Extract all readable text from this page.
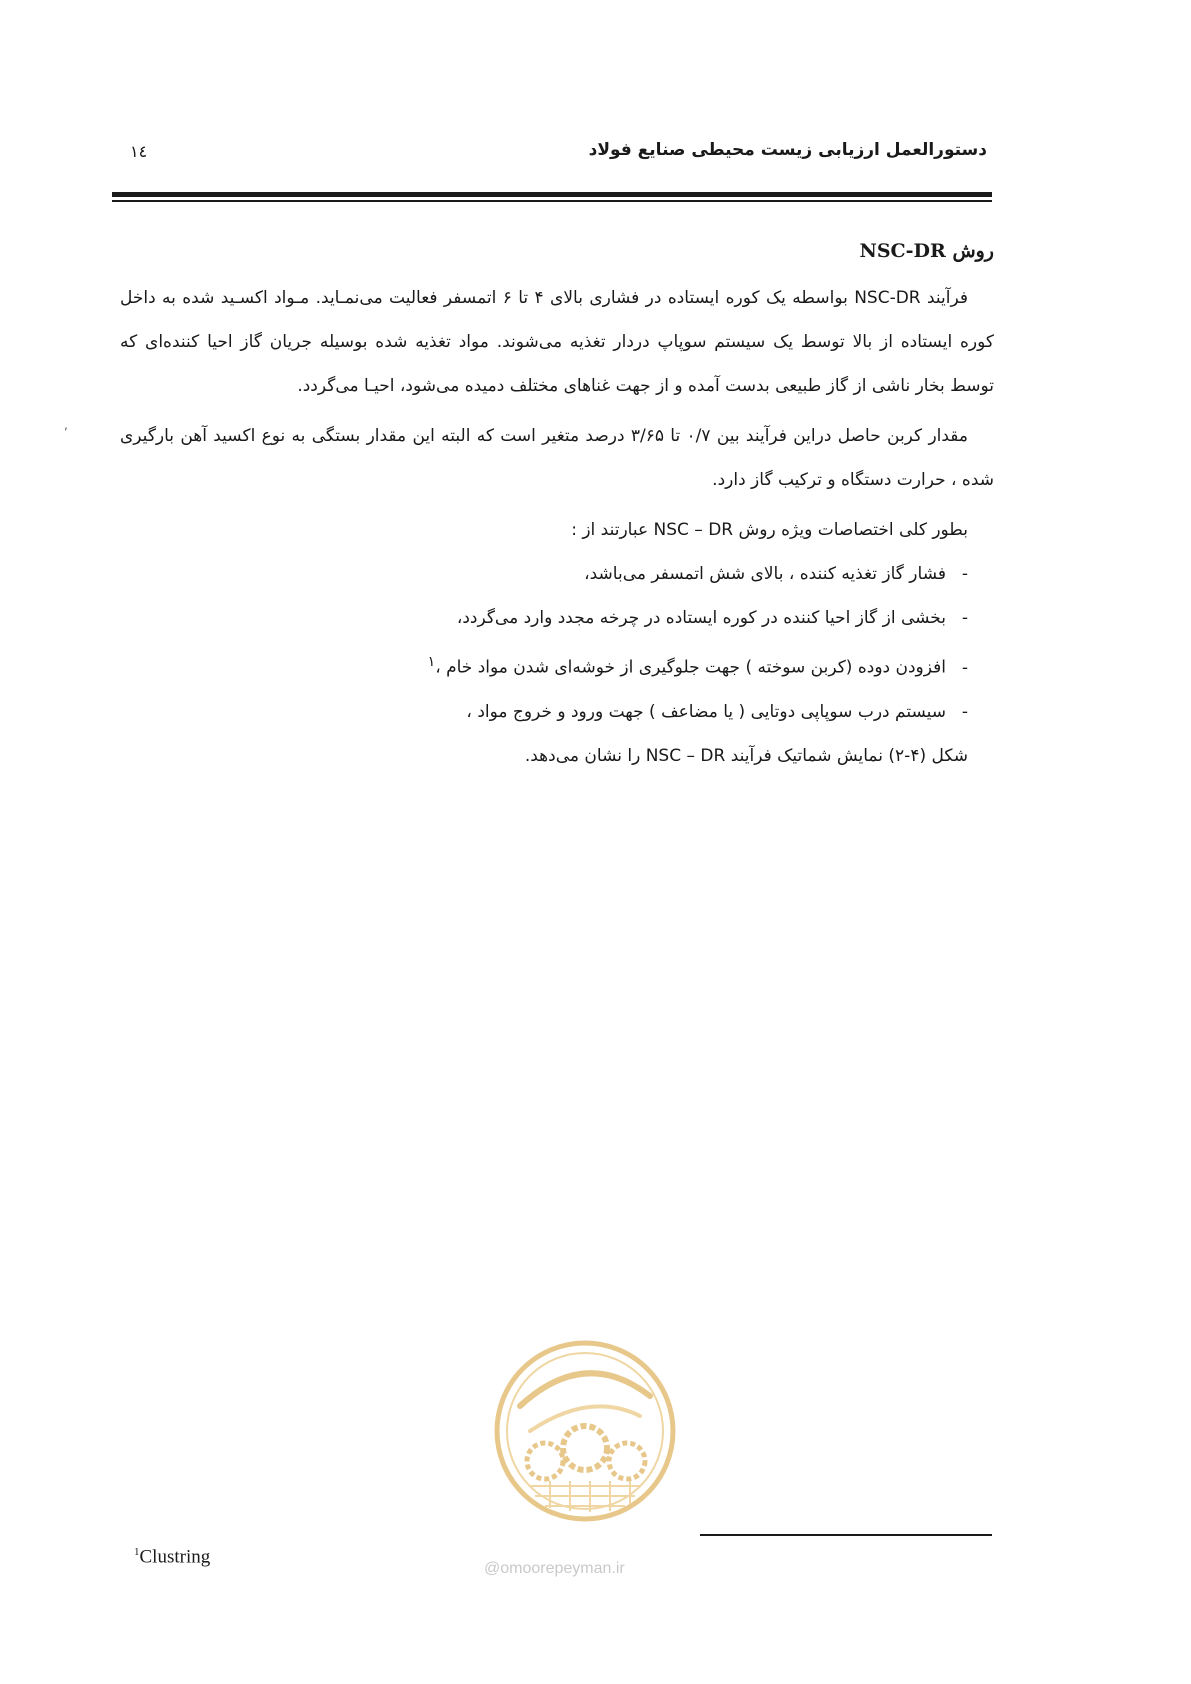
دستورالعمل ارزیابی زیست محیطی صنایع فولاد
۱٤
,
روش NSC-DR

فرآیند NSC-DR بواسطه یک کوره ایستاده در فشاری بالای ۴ تا ۶ اتمسفر فعالیت می‌نمـاید. مـواد اکسـید شده به داخل کوره ایستاده از بالا توسط یک سیستم سوپاپ دردار تغذیه می‌شوند. مواد تغذیه شده بوسیله جریان گاز احیا کننده‌ای که توسط بخار ناشی از گاز طبیعی بدست آمده و از جهت غناهای مختلف دمیده می‌شود، احیـا می‌گردد.

مقدار کربن حاصل دراین فرآیند بین ۰/۷ تا ۳/۶۵ درصد متغیر است که البته این مقدار بستگی به نوع اکسید آهن بارگیری شده ، حرارت دستگاه و ترکیب گاز دارد.

بطور کلی اختصاصات ویژه روش NSC – DR عبارتند از :
-فشار گاز تغذیه کننده ، بالای شش اتمسفر می‌باشد،
-بخشی از گاز احیا کننده در کوره ایستاده در چرخه مجدد وارد می‌گردد،
-افزودن دوده (کربن سوخته ) جهت جلوگیری از خوشه‌ای شدن مواد خام ،$^۱$
-سیستم درب سوپاپی دوتایی ( یا مضاعف ) جهت ورود و خروج مواد ،
شکل (۴-۲) نمایش شماتیک فرآیند NSC – DR را نشان می‌دهد.
@omoorepeyman.ir
$^1$Clustring
